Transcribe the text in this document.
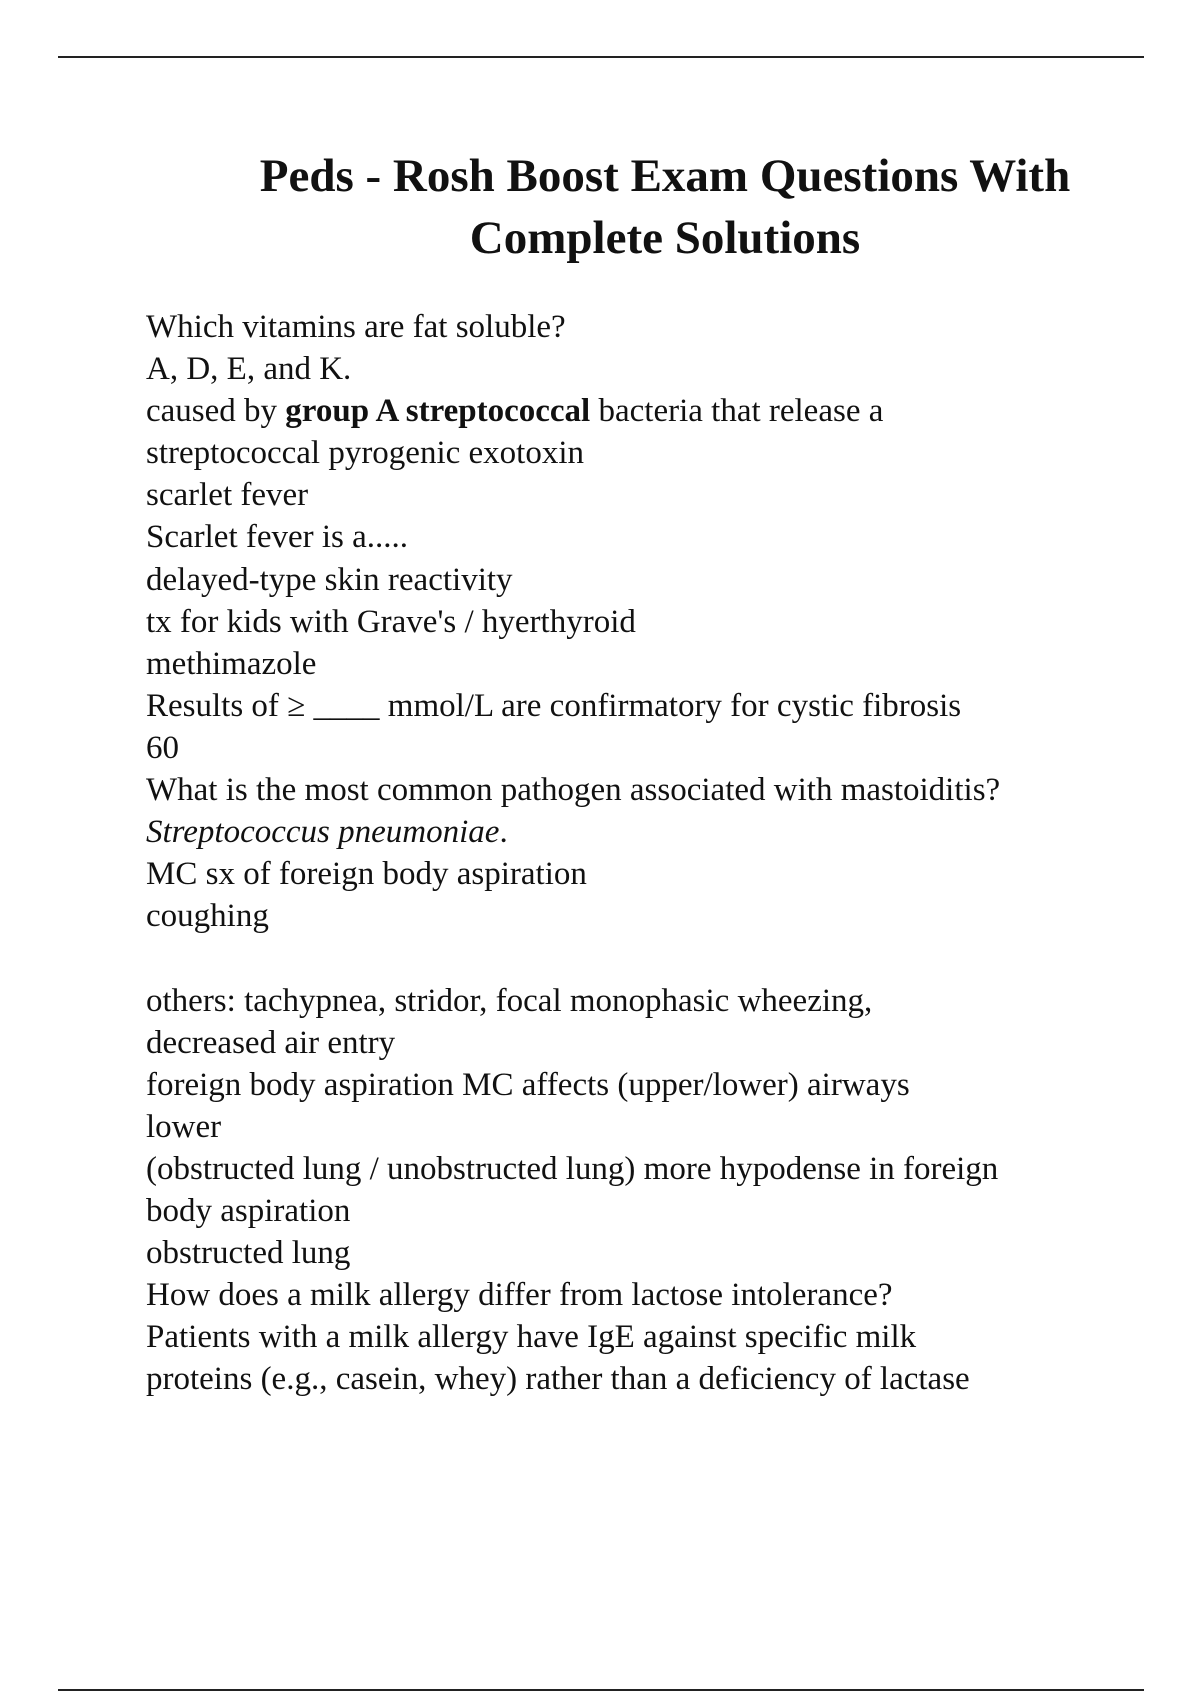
Peds - Rosh Boost Exam Questions With
Complete Solutions
Which vitamins are fat soluble?
A, D, E, and K.
caused by group A streptococcal bacteria that release a
streptococcal pyrogenic exotoxin
scarlet fever
Scarlet fever is a.....
delayed-type skin reactivity
tx for kids with Grave's / hyerthyroid
methimazole
Results of ≥ ____ mmol/L are confirmatory for cystic fibrosis
60
What is the most common pathogen associated with mastoiditis?
Streptococcus pneumoniae.
MC sx of foreign body aspiration
coughing
others: tachypnea, stridor, focal monophasic wheezing,
decreased air entry
foreign body aspiration MC affects (upper/lower) airways
lower
(obstructed lung / unobstructed lung) more hypodense in foreign
body aspiration
obstructed lung
How does a milk allergy differ from lactose intolerance?
Patients with a milk allergy have IgE against specific milk
proteins (e.g., casein, whey) rather than a deficiency of lactase
